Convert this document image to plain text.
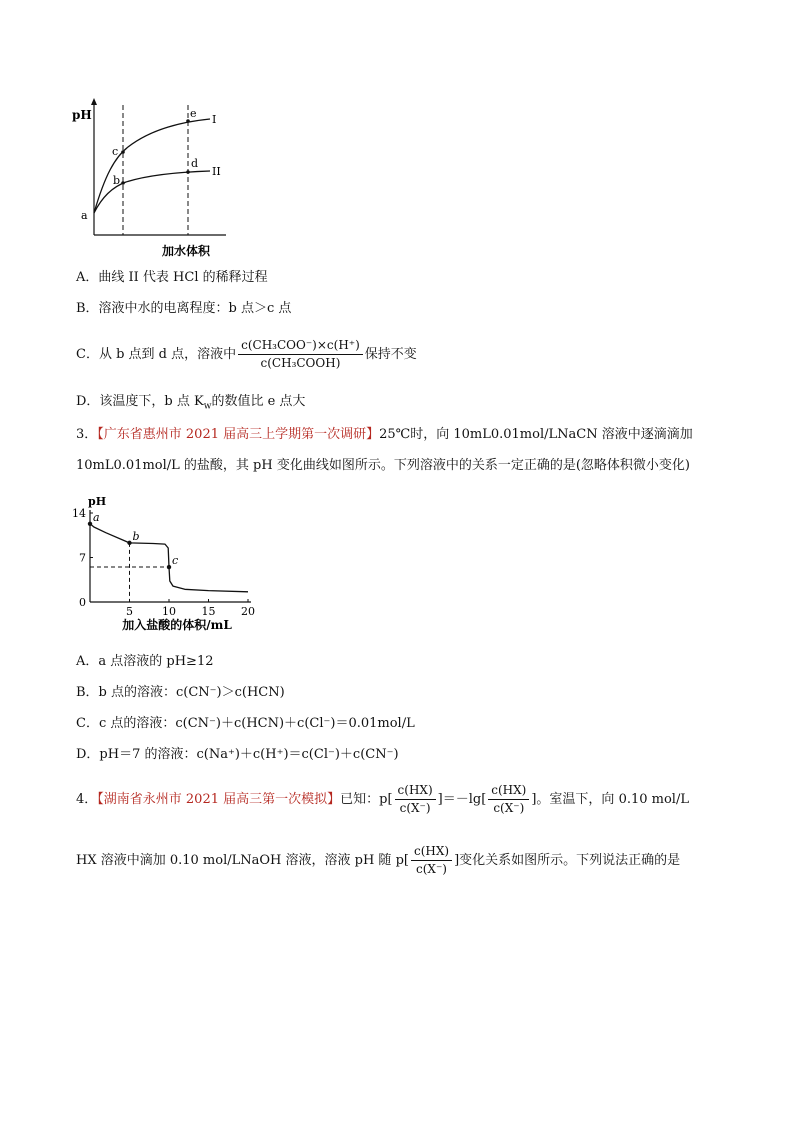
pH
a
b
c
d
e I
II
加水体积
A．曲线 II 代表 HCl 的稀释过程
B．溶液中水的电离程度：b 点＞c 点
C．从 b 点到 d 点，溶液中 $\frac{\text{c(CH₃COO⁻)×c(H⁺)}}{\text{c(CH₃COOH)}}$ 保持不变
D．该温度下，b 点 $K_w$的数值比 e 点大
3．【广东省惠州市 2021 届高三上学期第一次调研】25℃时，向 10mL0.01mol/LNaCN 溶液中逐滴滴加
10mL0.01mol/L 的盐酸，其 pH 变化曲线如图所示。下列溶液中的关系一定正确的是(忽略体积微小变化)
14
7
0
5	10 15 20
pH
加入盐酸的体积/mL
a
b
c
A．a 点溶液的 pH≥12
B．b 点的溶液：c(CN⁻)＞c(HCN)
C．c 点的溶液：c(CN⁻)＋c(HCN)＋c(Cl⁻)＝0.01mol/L
D．pH＝7 的溶液：c(Na⁺)＋c(H⁺)＝c(Cl⁻)＋c(CN⁻)
4．【湖南省永州市 2021 届高三第一次模拟】已知：$p[ \frac{c(HX)}{c(X^-)} ]=-\lg[ \frac{c(HX)}{c(X^-)}$ ]。室温下，向 0.10 mol/L
HX 溶液中滴加 0.10 mol/LNaOH 溶液，溶液 pH 随 $p[ \frac{c(HX)}{c(X^-)}$ ]变化关系如图所示。下列说法正确的是
